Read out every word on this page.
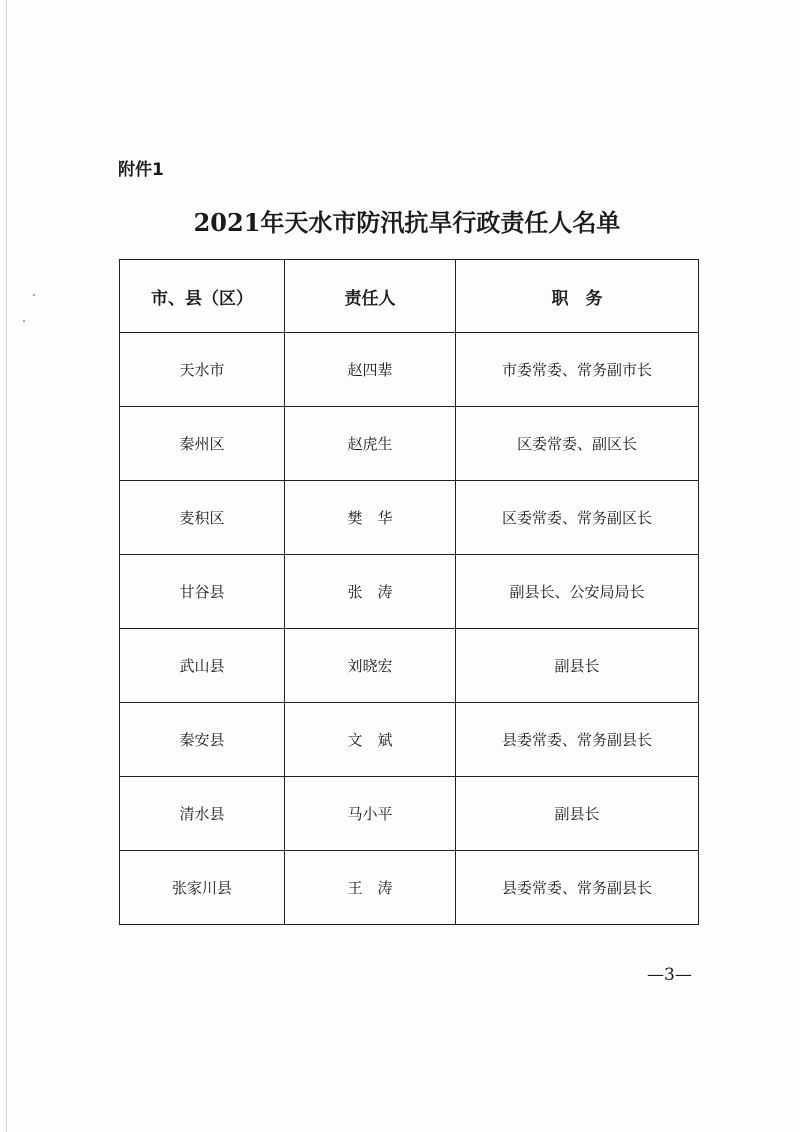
附件1
2021年天水市防汛抗旱行政责任人名单
市、县（区）	责任人	职　务
天水市	赵四辈	市委常委、常务副市长
秦州区	赵虎生	区委常委、副区长
麦积区	樊　华	区委常委、常务副区长
甘谷县	张　涛	副县长、公安局局长
武山县	刘晓宏	副县长
秦安县	文　斌	县委常委、常务副县长
清水县	马小平	副县长
张家川县	王　涛	县委常委、常务副县长
—3—
